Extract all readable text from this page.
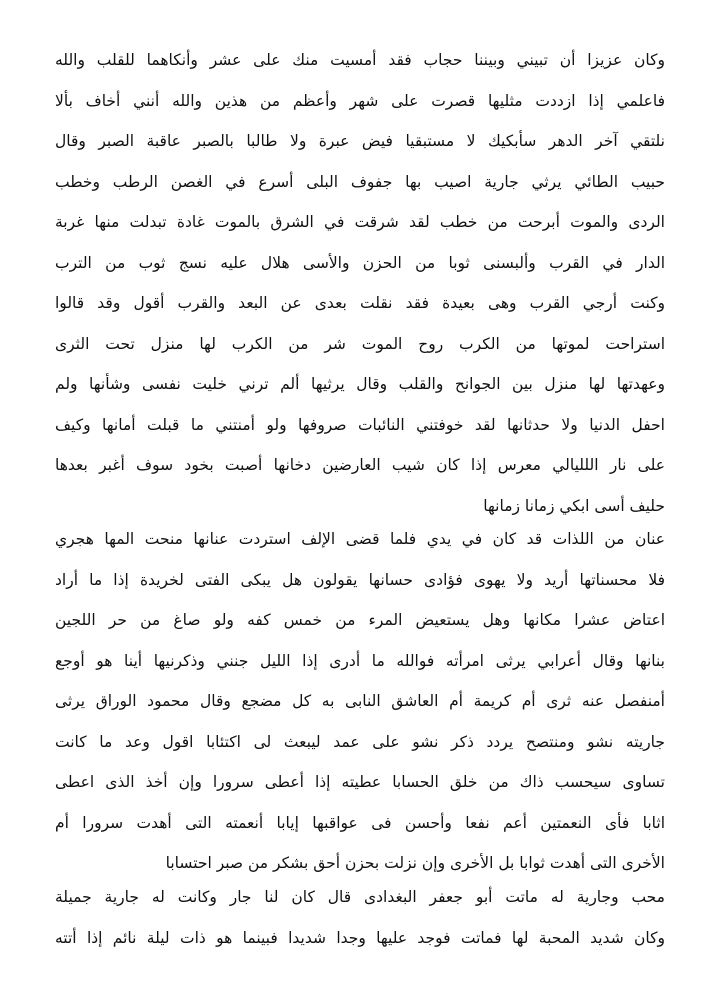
وكان عزيزا أن تبيني وبيننا حجاب فقد أمسيت منك على عشر وأنكاهما للقلب والله
فاعلمي إذا ازددت مثليها قصرت على شهر وأعظم من هذين والله أنني أخاف بألا
نلتقي آخر الدهر سأبكيك لا مستبقيا فيض عبرة ولا طالبا بالصبر عاقبة الصبر وقال
حبيب الطائي يرثي جارية اصيب بها جفوف البلى أسرع في الغصن الرطب وخطب
الردى والموت أبرحت من خطب لقد شرقت في الشرق بالموت غادة تبدلت منها غربة
الدار في القرب وألبسنى ثوبا من الحزن والأسى هلال عليه نسج ثوب من الترب
وكنت أرجي القرب وهى بعيدة فقد نقلت بعدى عن البعد والقرب أقول وقد قالوا
استراحت لموتها من الكرب روح الموت شر من الكرب لها منزل تحت الثرى
وعهدتها لها منزل بين الجوانح والقلب وقال يرثيها ألم ترني خليت نفسى وشأنها ولم
احفل الدنيا ولا حدثانها لقد خوفتني النائبات صروفها ولو أمنتني ما قبلت أمانها وكيف
على نار اللليالي معرس إذا كان شيب العارضين دخانها أصبت بخود سوف أغبر بعدها
حليف أسى ابكي زمانا زمانها
عنان من اللذات قد كان في يدي فلما قضى الإلف استردت عنانها منحت المها هجري
فلا محسناتها أريد ولا يهوى فؤادى حسانها يقولون هل يبكى الفتى لخريدة إذا ما أراد
اعتاض عشرا مكانها وهل يستعيض المرء من خمس كفه ولو صاغ من حر اللجين
بنانها وقال أعرابي يرثى امرأته فوالله ما أدرى إذا الليل جنني وذكرنيها أينا هو أوجع
أمنفصل عنه ثرى أم كريمة أم العاشق النابى به كل مضجع وقال محمود الوراق يرثى
جاريته نشو ومنتصح يردد ذكر نشو على عمد ليبعث لى اكتئابا اقول وعد ما كانت
تساوى سيحسب ذاك من خلق الحسابا عطيته إذا أعطى سرورا وإن أخذ الذى اعطى
اثابا فأى النعمتين أعم نفعا وأحسن فى عواقبها إيابا أنعمته التى أهدت سرورا أم
الأخرى التى أهدت ثوابا بل الأخرى وإن نزلت بحزن أحق بشكر من صبر احتسابا
محب وجارية له ماتت أبو جعفر البغدادى قال كان لنا جار وكانت له جارية جميلة
وكان شديد المحبة لها فماتت فوجد عليها وجدا شديدا فبينما هو ذات ليلة نائم إذا أتته
